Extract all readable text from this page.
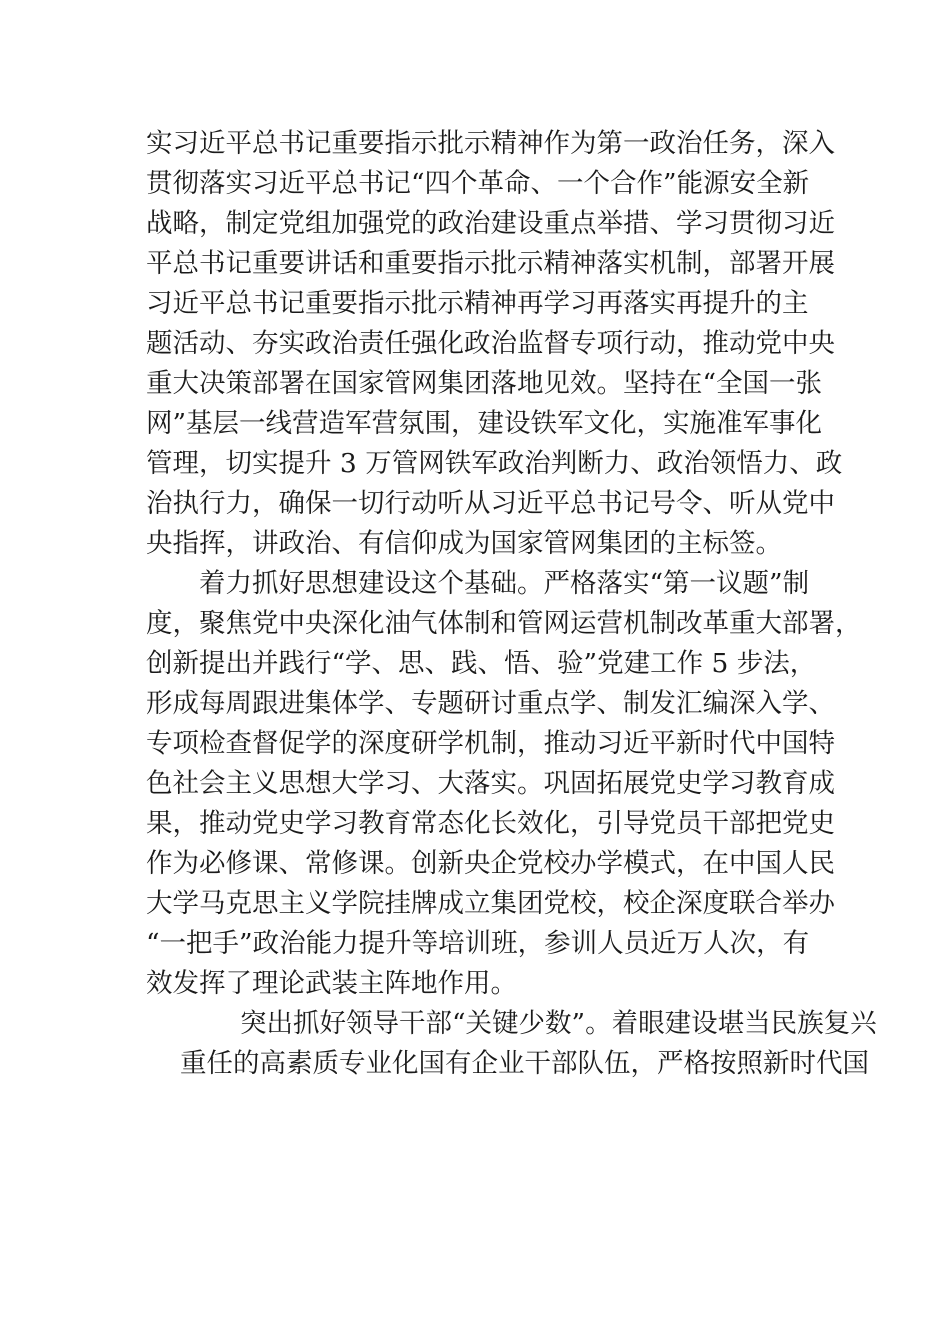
实习近平总书记重要指示批示精神作为第一政治任务，深入
贯彻落实习近平总书记“四个革命、一个合作”能源安全新
战略，制定党组加强党的政治建设重点举措、学习贯彻习近
平总书记重要讲话和重要指示批示精神落实机制，部署开展
习近平总书记重要指示批示精神再学习再落实再提升的主
题活动、夯实政治责任强化政治监督专项行动，推动党中央
重大决策部署在国家管网集团落地见效。坚持在“全国一张
网”基层一线营造军营氛围，建设铁军文化，实施准军事化
管理，切实提升 3 万管网铁军政治判断力、政治领悟力、政
治执行力，确保一切行动听从习近平总书记号令、听从党中
央指挥，讲政治、有信仰成为国家管网集团的主标签。
着力抓好思想建设这个基础。严格落实“第一议题”制
度，聚焦党中央深化油气体制和管网运营机制改革重大部署，
创新提出并践行“学、思、践、悟、验”党建工作 5 步法，
形成每周跟进集体学、专题研讨重点学、制发汇编深入学、
专项检查督促学的深度研学机制，推动习近平新时代中国特
色社会主义思想大学习、大落实。巩固拓展党史学习教育成
果，推动党史学习教育常态化长效化，引导党员干部把党史
作为必修课、常修课。创新央企党校办学模式，在中国人民
大学马克思主义学院挂牌成立集团党校，校企深度联合举办
“一把手”政治能力提升等培训班，参训人员近万人次，有
效发挥了理论武装主阵地作用。
突出抓好领导干部“关键少数”。着眼建设堪当民族复兴
重任的高素质专业化国有企业干部队伍，严格按照新时代国
